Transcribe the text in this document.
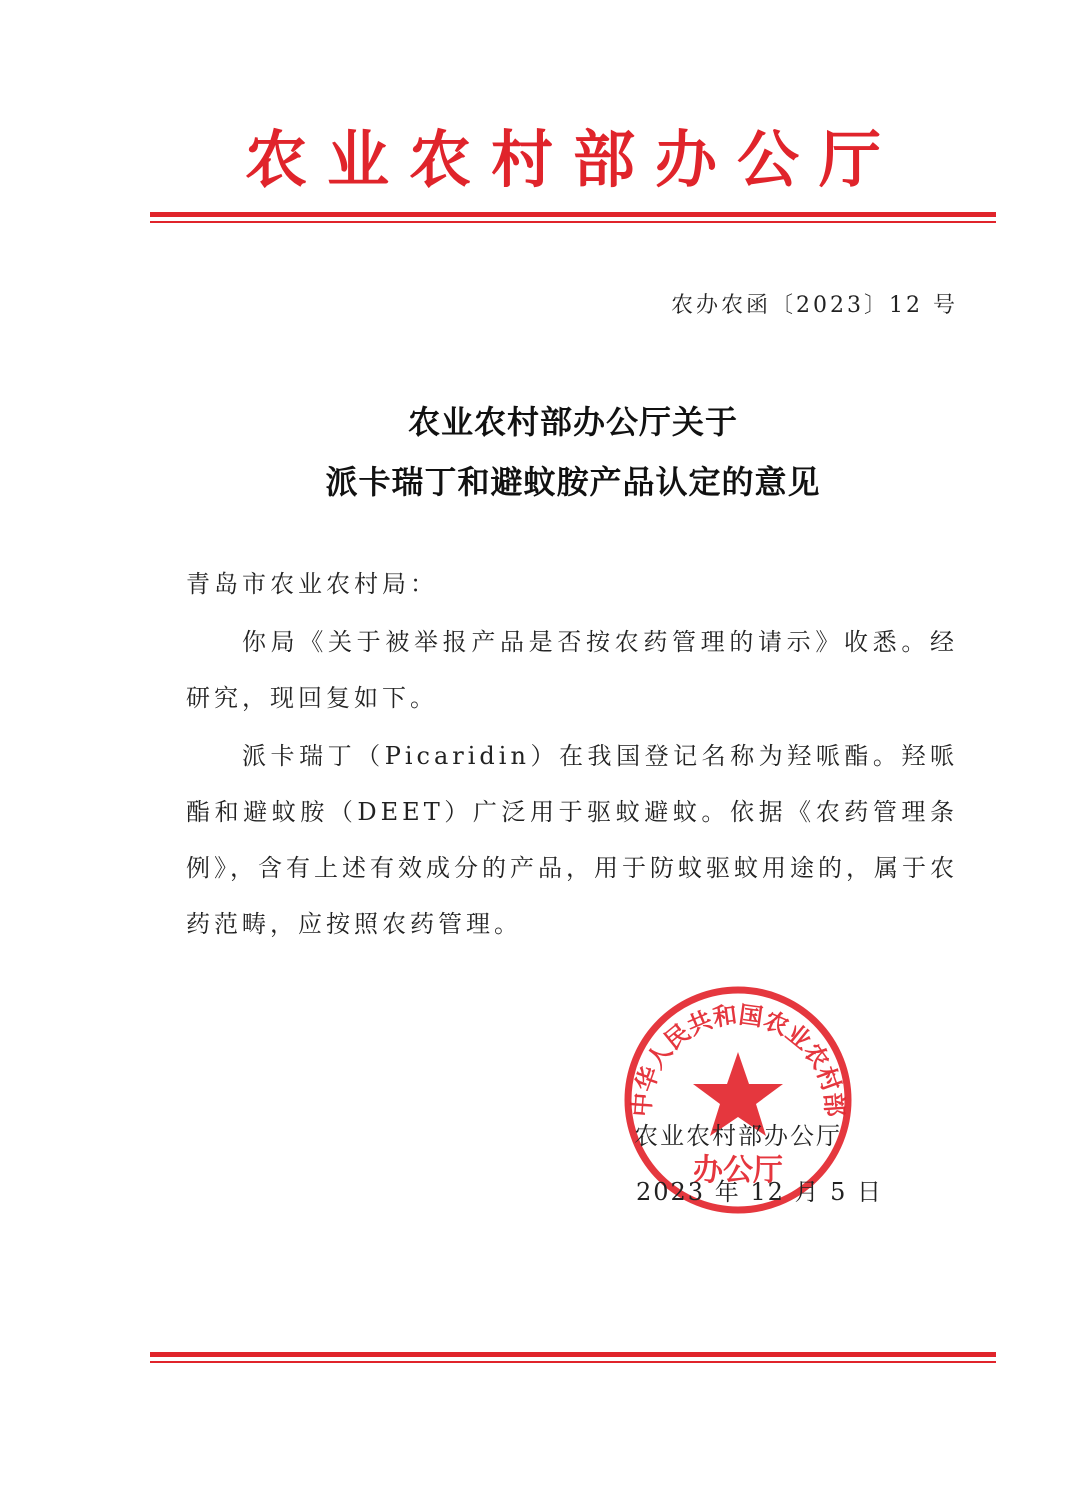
农业农村部办公厅
农办农函〔2023〕12 号
农业农村部办公厅关于
派卡瑞丁和避蚊胺产品认定的意见

青岛市农业农村局：

你局《关于被举报产品是否按农药管理的请示》收悉。经研究，现回复如下。

派卡瑞丁（Picaridin）在我国登记名称为羟哌酯。羟哌酯和避蚊胺（DEET）广泛用于驱蚊避蚊。依据《农药管理条例》，含有上述有效成分的产品，用于防蚊驱蚊用途的，属于农药范畴，应按照农药管理。

中华人民共和国农业农村部
办公厅
农业农村部办公厅
2023 年 12 月 5 日
